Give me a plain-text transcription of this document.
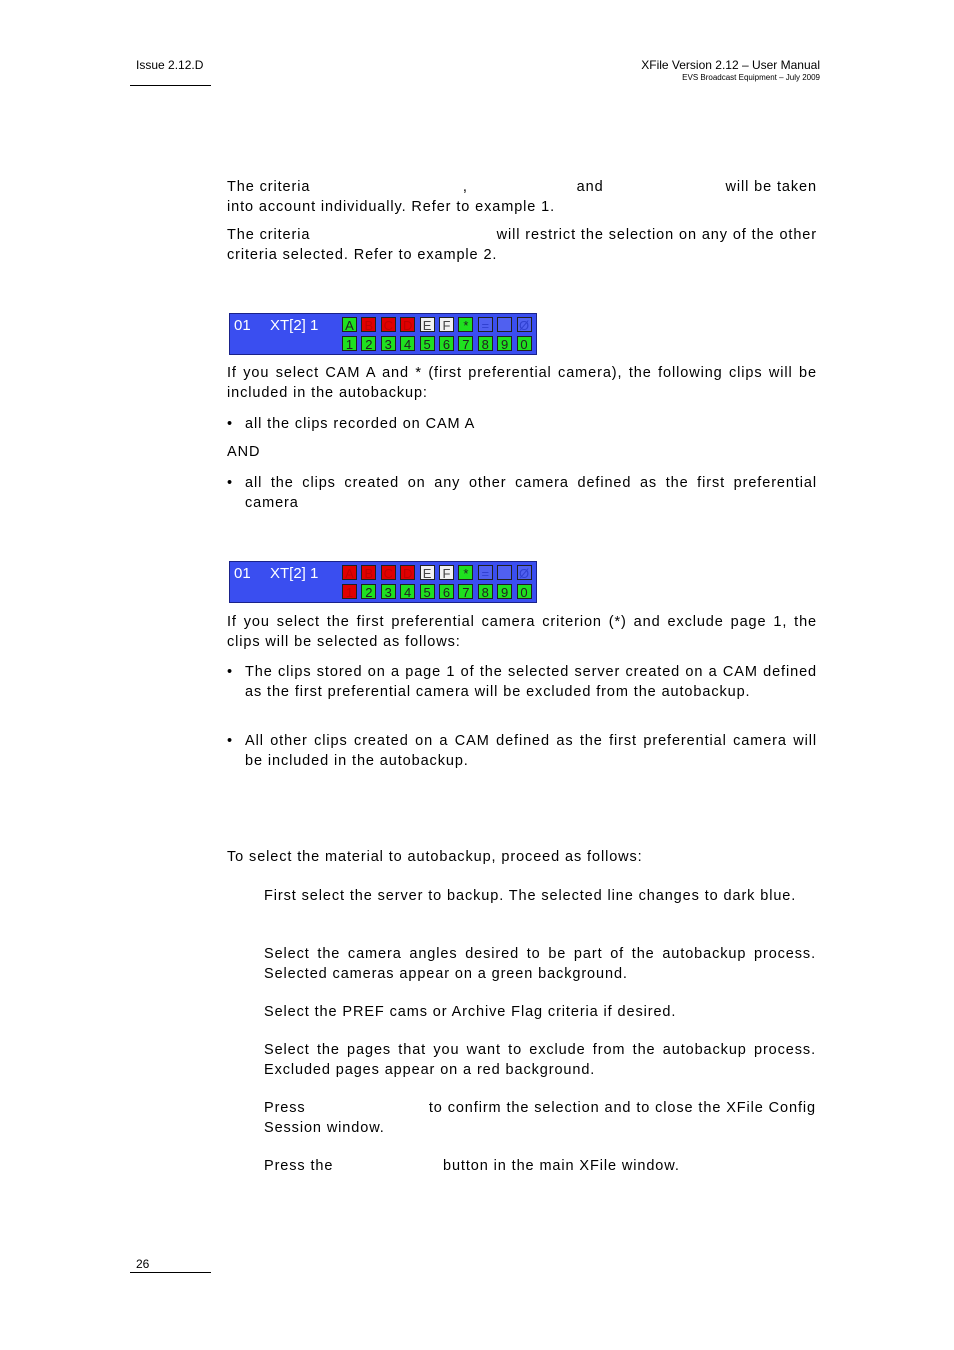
Issue 2.12.D	XFile Version 2.12 – User Manual
EVS Broadcast Equipment – July 2009
The criteria	,	and	will be taken
into account individually. Refer to example 1.
The criteria	will restrict the selection on any of the other
criteria selected. Refer to example 2.
01 XT[2] 1 A B C D E F *	= Ø
1 2 3 4 5 6 7 8 9 0
If you select CAM A and * (first preferential camera), the following clips will be included in the autobackup:
• all the clips recorded on CAM A
AND
• all the clips created on any other camera defined as the first preferential camera
01 XT[2] 1 A B C D E F *	= Ø
1 2 3 4 5 6 7 8 9 0
If you select the first preferential camera criterion (*) and exclude page 1, the clips will be selected as follows:
• The clips stored on a page 1 of the selected server created on a CAM defined as the first preferential camera will be excluded from the autobackup.
• All other clips created on a CAM defined as the first preferential camera will be included in the autobackup.
To select the material to autobackup, proceed as follows:
First select the server to backup. The selected line changes to dark blue.
Select the camera angles desired to be part of the autobackup process. Selected cameras appear on a green background.
Select the PREF cams or Archive Flag criteria if desired.
Select the pages that you want to exclude from the autobackup process. Excluded pages appear on a red background.
Press	to confirm the selection and to close the XFile Config
Session window.
Press the	button in the main XFile window.
26
